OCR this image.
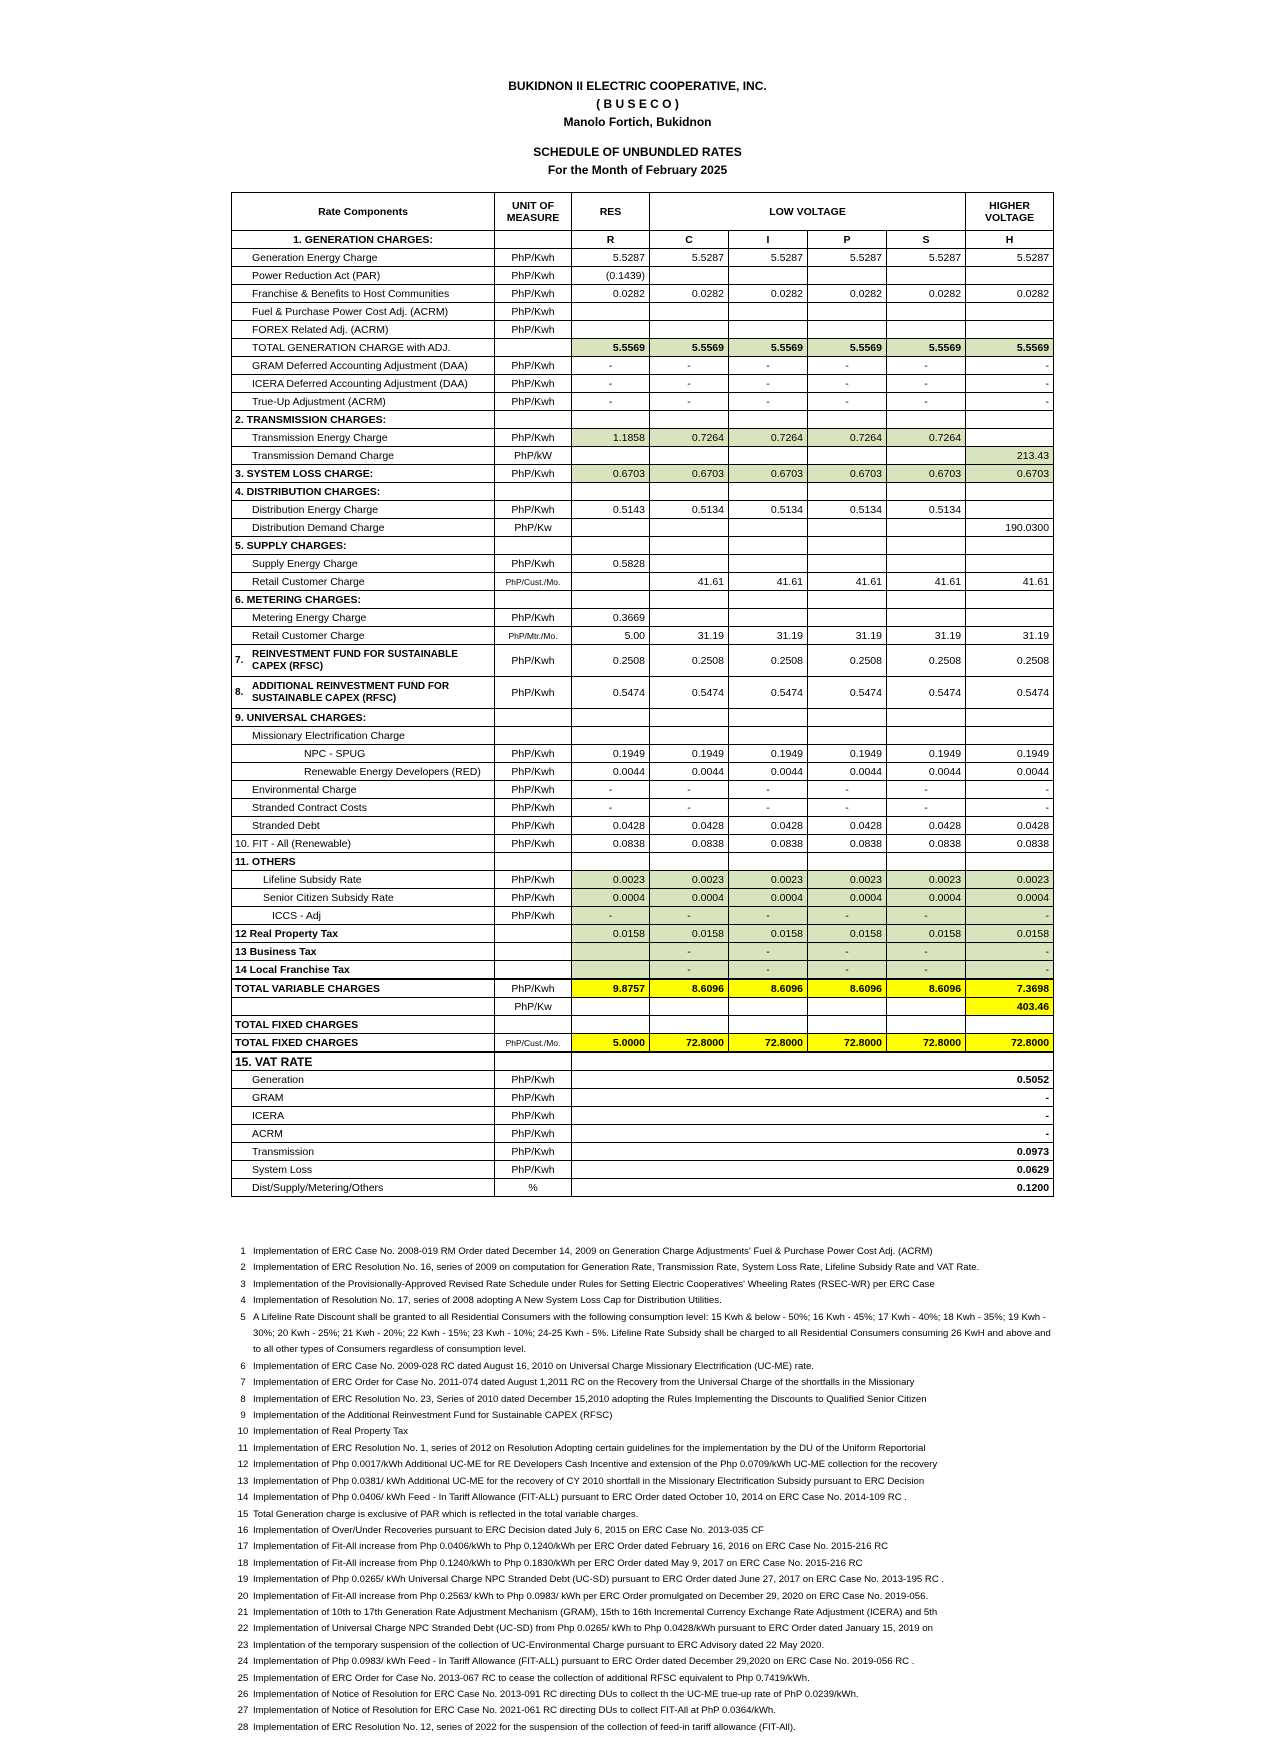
BUKIDNON II ELECTRIC COOPERATIVE, INC.
( B U S E C O )
Manolo Fortich, Bukidnon
SCHEDULE OF UNBUNDLED RATES
For the Month of February 2025
Rate Components	UNIT OF MEASURE	RES	LOW VOLTAGE				HIGHER VOLTAGE
1. GENERATION CHARGES:		R	C	I	P	S	H
Generation Energy Charge	PhP/Kwh	5.5287	5.5287	5.5287	5.5287	5.5287	5.5287
Power Reduction Act (PAR)	PhP/Kwh	(0.1439)					
Franchise & Benefits to Host Communities	PhP/Kwh	0.0282	0.0282	0.0282	0.0282	0.0282	0.0282
Fuel & Purchase Power Cost Adj. (ACRM)	PhP/Kwh						
FOREX Related Adj. (ACRM)	PhP/Kwh						
TOTAL GENERATION CHARGE with ADJ.		5.5569	5.5569	5.5569	5.5569	5.5569	5.5569
GRAM Deferred Accounting Adjustment (DAA)	PhP/Kwh	-	-	-	-	-	-
ICERA Deferred Accounting Adjustment (DAA)	PhP/Kwh	-	-	-	-	-	-
True-Up Adjustment (ACRM)	PhP/Kwh	-	-	-	-	-	-
2. TRANSMISSION CHARGES:							
Transmission Energy Charge	PhP/Kwh	1.1858	0.7264	0.7264	0.7264	0.7264	
Transmission Demand Charge	PhP/kW						213.43
3. SYSTEM LOSS CHARGE:	PhP/Kwh	0.6703	0.6703	0.6703	0.6703	0.6703	0.6703
4. DISTRIBUTION CHARGES:							
Distribution Energy Charge	PhP/Kwh	0.5143	0.5134	0.5134	0.5134	0.5134	
Distribution Demand Charge	PhP/Kw						190.0300
5. SUPPLY CHARGES:							
Supply Energy Charge	PhP/Kwh	0.5828					
Retail Customer Charge	PhP/Cust./Mo.		41.61	41.61	41.61	41.61	41.61
6. METERING CHARGES:							
Metering Energy Charge	PhP/Kwh	0.3669					
Retail Customer Charge	PhP/Mtr./Mo.	5.00	31.19	31.19	31.19	31.19	31.19
7.REINVESTMENT FUND FOR SUSTAINABLE CAPEX (RFSC)	PhP/Kwh	0.2508	0.2508	0.2508	0.2508	0.2508	0.2508
8.ADDITIONAL REINVESTMENT FUND FOR SUSTAINABLE CAPEX (RFSC)	PhP/Kwh	0.5474	0.5474	0.5474	0.5474	0.5474	0.5474
9. UNIVERSAL CHARGES:							
Missionary Electrification Charge							
NPC - SPUG	PhP/Kwh	0.1949	0.1949	0.1949	0.1949	0.1949	0.1949
Renewable Energy Developers (RED)	PhP/Kwh	0.0044	0.0044	0.0044	0.0044	0.0044	0.0044
Environmental Charge	PhP/Kwh	-	-	-	-	-	-
Stranded Contract Costs	PhP/Kwh	-	-	-	-	-	-
Stranded Debt	PhP/Kwh	0.0428	0.0428	0.0428	0.0428	0.0428	0.0428
10. FIT - All (Renewable)	PhP/Kwh	0.0838	0.0838	0.0838	0.0838	0.0838	0.0838
11. OTHERS							
Lifeline Subsidy Rate	PhP/Kwh	0.0023	0.0023	0.0023	0.0023	0.0023	0.0023
Senior Citizen Subsidy Rate	PhP/Kwh	0.0004	0.0004	0.0004	0.0004	0.0004	0.0004
ICCS - Adj	PhP/Kwh	-	-	-	-	-	-
12 Real Property Tax		0.0158	0.0158	0.0158	0.0158	0.0158	0.0158
13 Business Tax			-	-	-	-	-
14 Local Franchise Tax			-	-	-	-	-
TOTAL VARIABLE CHARGES	PhP/Kwh	9.8757	8.6096	8.6096	8.6096	8.6096	7.3698
	PhP/Kw						403.46
TOTAL FIXED CHARGES							
TOTAL FIXED CHARGES	PhP/Cust./Mo.	5.0000	72.8000	72.8000	72.8000	72.8000	72.8000
15. VAT RATE							
Generation	PhP/Kwh	0.5052					
GRAM	PhP/Kwh	-					
ICERA	PhP/Kwh	-					
ACRM	PhP/Kwh	-					
Transmission	PhP/Kwh	0.0973					
System Loss	PhP/Kwh	0.0629					
Dist/Supply/Metering/Others	%	0.1200					
1 Implementation of ERC Case No. 2008-019 RM Order dated December 14, 2009 on Generation Charge Adjustments' Fuel & Purchase Power Cost Adj. (ACRM)
2 Implementation of ERC Resolution No. 16, series of 2009 on computation for Generation Rate, Transmission Rate, System Loss Rate, Lifeline Subsidy Rate and VAT Rate.
3 Implementation of the Provisionally-Approved Revised Rate Schedule under Rules for Setting Electric Cooperatives' Wheeling Rates (RSEC-WR) per ERC Case
4 Implementation of Resolution No. 17, series of 2008 adopting A New System Loss Cap for Distribution Utilities.
5 A Lifeline Rate Discount shall be granted to all Residential Consumers with the following consumption level: 15 Kwh & below - 50%; 16 Kwh - 45%; 17 Kwh - 40%; 18 Kwh - 35%; 19 Kwh - 30%; 20 Kwh - 25%; 21 Kwh - 20%; 22 Kwh - 15%; 23 Kwh - 10%; 24-25 Kwh - 5%. Lifeline Rate Subsidy shall be charged to all Residential Consumers consuming 26 KwH and above and to all other types of Consumers regardless of consumption level.
6 Implementation of ERC Case No. 2009-028 RC dated August 16, 2010 on Universal Charge Missionary Electrification (UC-ME) rate.
7 Implementation of ERC Order for Case No. 2011-074 dated August 1,2011 RC on the Recovery from the Universal Charge of the shortfalls in the Missionary
8 Implementation of ERC Resolution No. 23, Series of 2010 dated December 15,2010 adopting the Rules Implementing the Discounts to Qualified Senior Citizen
9 Implementation of the Additional Reinvestment Fund for Sustainable CAPEX (RFSC)
10 Implementation of Real Property Tax
11 Implementation of ERC Resolution No. 1, series of 2012 on Resolution Adopting certain guidelines for the implementation by the DU of the Uniform Reportorial
12 Implementation of Php 0.0017/kWh Additional UC-ME for RE Developers Cash Incentive and extension of the Php 0.0709/kWh UC-ME collection for the recovery
13 Implementation of Php 0.0381/ kWh Additional UC-ME for the recovery of CY 2010 shortfall in the Missionary Electrification Subsidy pursuant to ERC Decision
14 Implementation of Php 0.0406/ kWh Feed - In Tariff Allowance (FIT-ALL) pursuant to ERC Order dated October 10, 2014 on ERC Case No. 2014-109 RC .
15 Total Generation charge is exclusive of PAR which is reflected in the total variable charges.
16 Implementation of Over/Under Recoveries pursuant to ERC Decision dated July 6, 2015 on ERC Case No. 2013-035 CF
17 Implementation of Fit-All increase from Php 0.0406/kWh to Php 0.1240/kWh per ERC Order dated February 16, 2016 on ERC Case No. 2015-216 RC
18 Implementation of Fit-All increase from Php 0.1240/kWh to Php 0.1830/kWh per ERC Order dated May 9, 2017 on ERC Case No. 2015-216 RC
19 Implementation of Php 0.0265/ kWh Universal Charge NPC Stranded Debt (UC-SD) pursuant to ERC Order dated June 27, 2017 on ERC Case No. 2013-195 RC .
20 Implementation of Fit-All increase from Php 0.2563/ kWh to Php 0.0983/ kWh per ERC Order promulgated on December 29, 2020 on ERC Case No. 2019-056.
21 Implementation of 10th to 17th Generation Rate Adjustment Mechanism (GRAM), 15th to 16th Incremental Currency Exchange Rate Adjustment (ICERA) and 5th
22 Implementation of Universal Charge NPC Stranded Debt (UC-SD) from Php 0.0265/ kWh to Php 0.0428/kWh pursuant to ERC Order dated January 15, 2019 on
23 Implentation of the temporary suspension of the collection of UC-Environmental Charge pursuant to ERC Advisory dated 22 May 2020.
24 Implementation of Php 0.0983/ kWh Feed - In Tariff Allowance (FIT-ALL) pursuant to ERC Order dated December 29,2020 on ERC Case No. 2019-056 RC .
25 Implementation of ERC Order for Case No. 2013-067 RC to cease the collection of additional RFSC equivalent to Php 0.7419/kWh.
26 Implementation of Notice of Resolution for ERC Case No. 2013-091 RC directing DUs to collect th the UC-ME true-up rate of PhP 0.0239/kWh.
27 Implementation of Notice of Resolution for ERC Case No. 2021-061 RC directing DUs to collect FIT-All at PhP 0.0364/kWh.
28 Implementation of ERC Resolution No. 12, series of 2022 for the suspension of the collection of feed-in tariff allowance (FIT-All).
